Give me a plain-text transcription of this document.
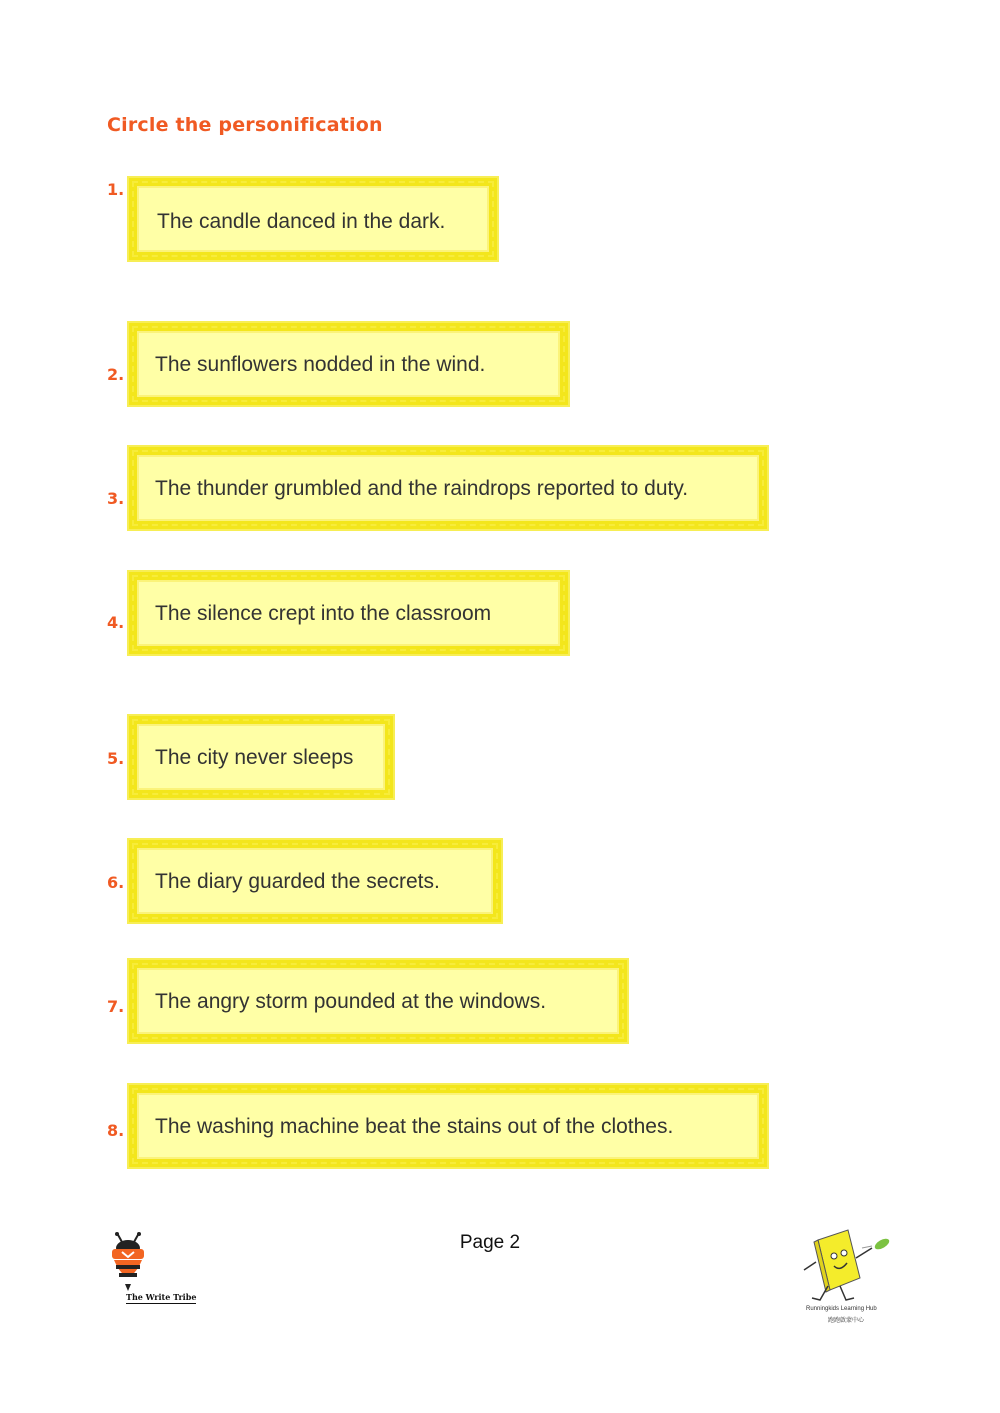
Circle the personification
1.
The candle danced in the dark.
2. The sunflowers nodded in the wind.
3. The thunder grumbled and the raindrops reported to duty.
4. The silence crept into the classroom
5. The city never sleeps
6. The diary guarded the secrets.
7. The angry storm pounded at the windows.
8. The washing machine beat the stains out of the clothes.
Page 2
The Write Tribe
Runningkids Learning Hub
跑跑啟蒙中心
